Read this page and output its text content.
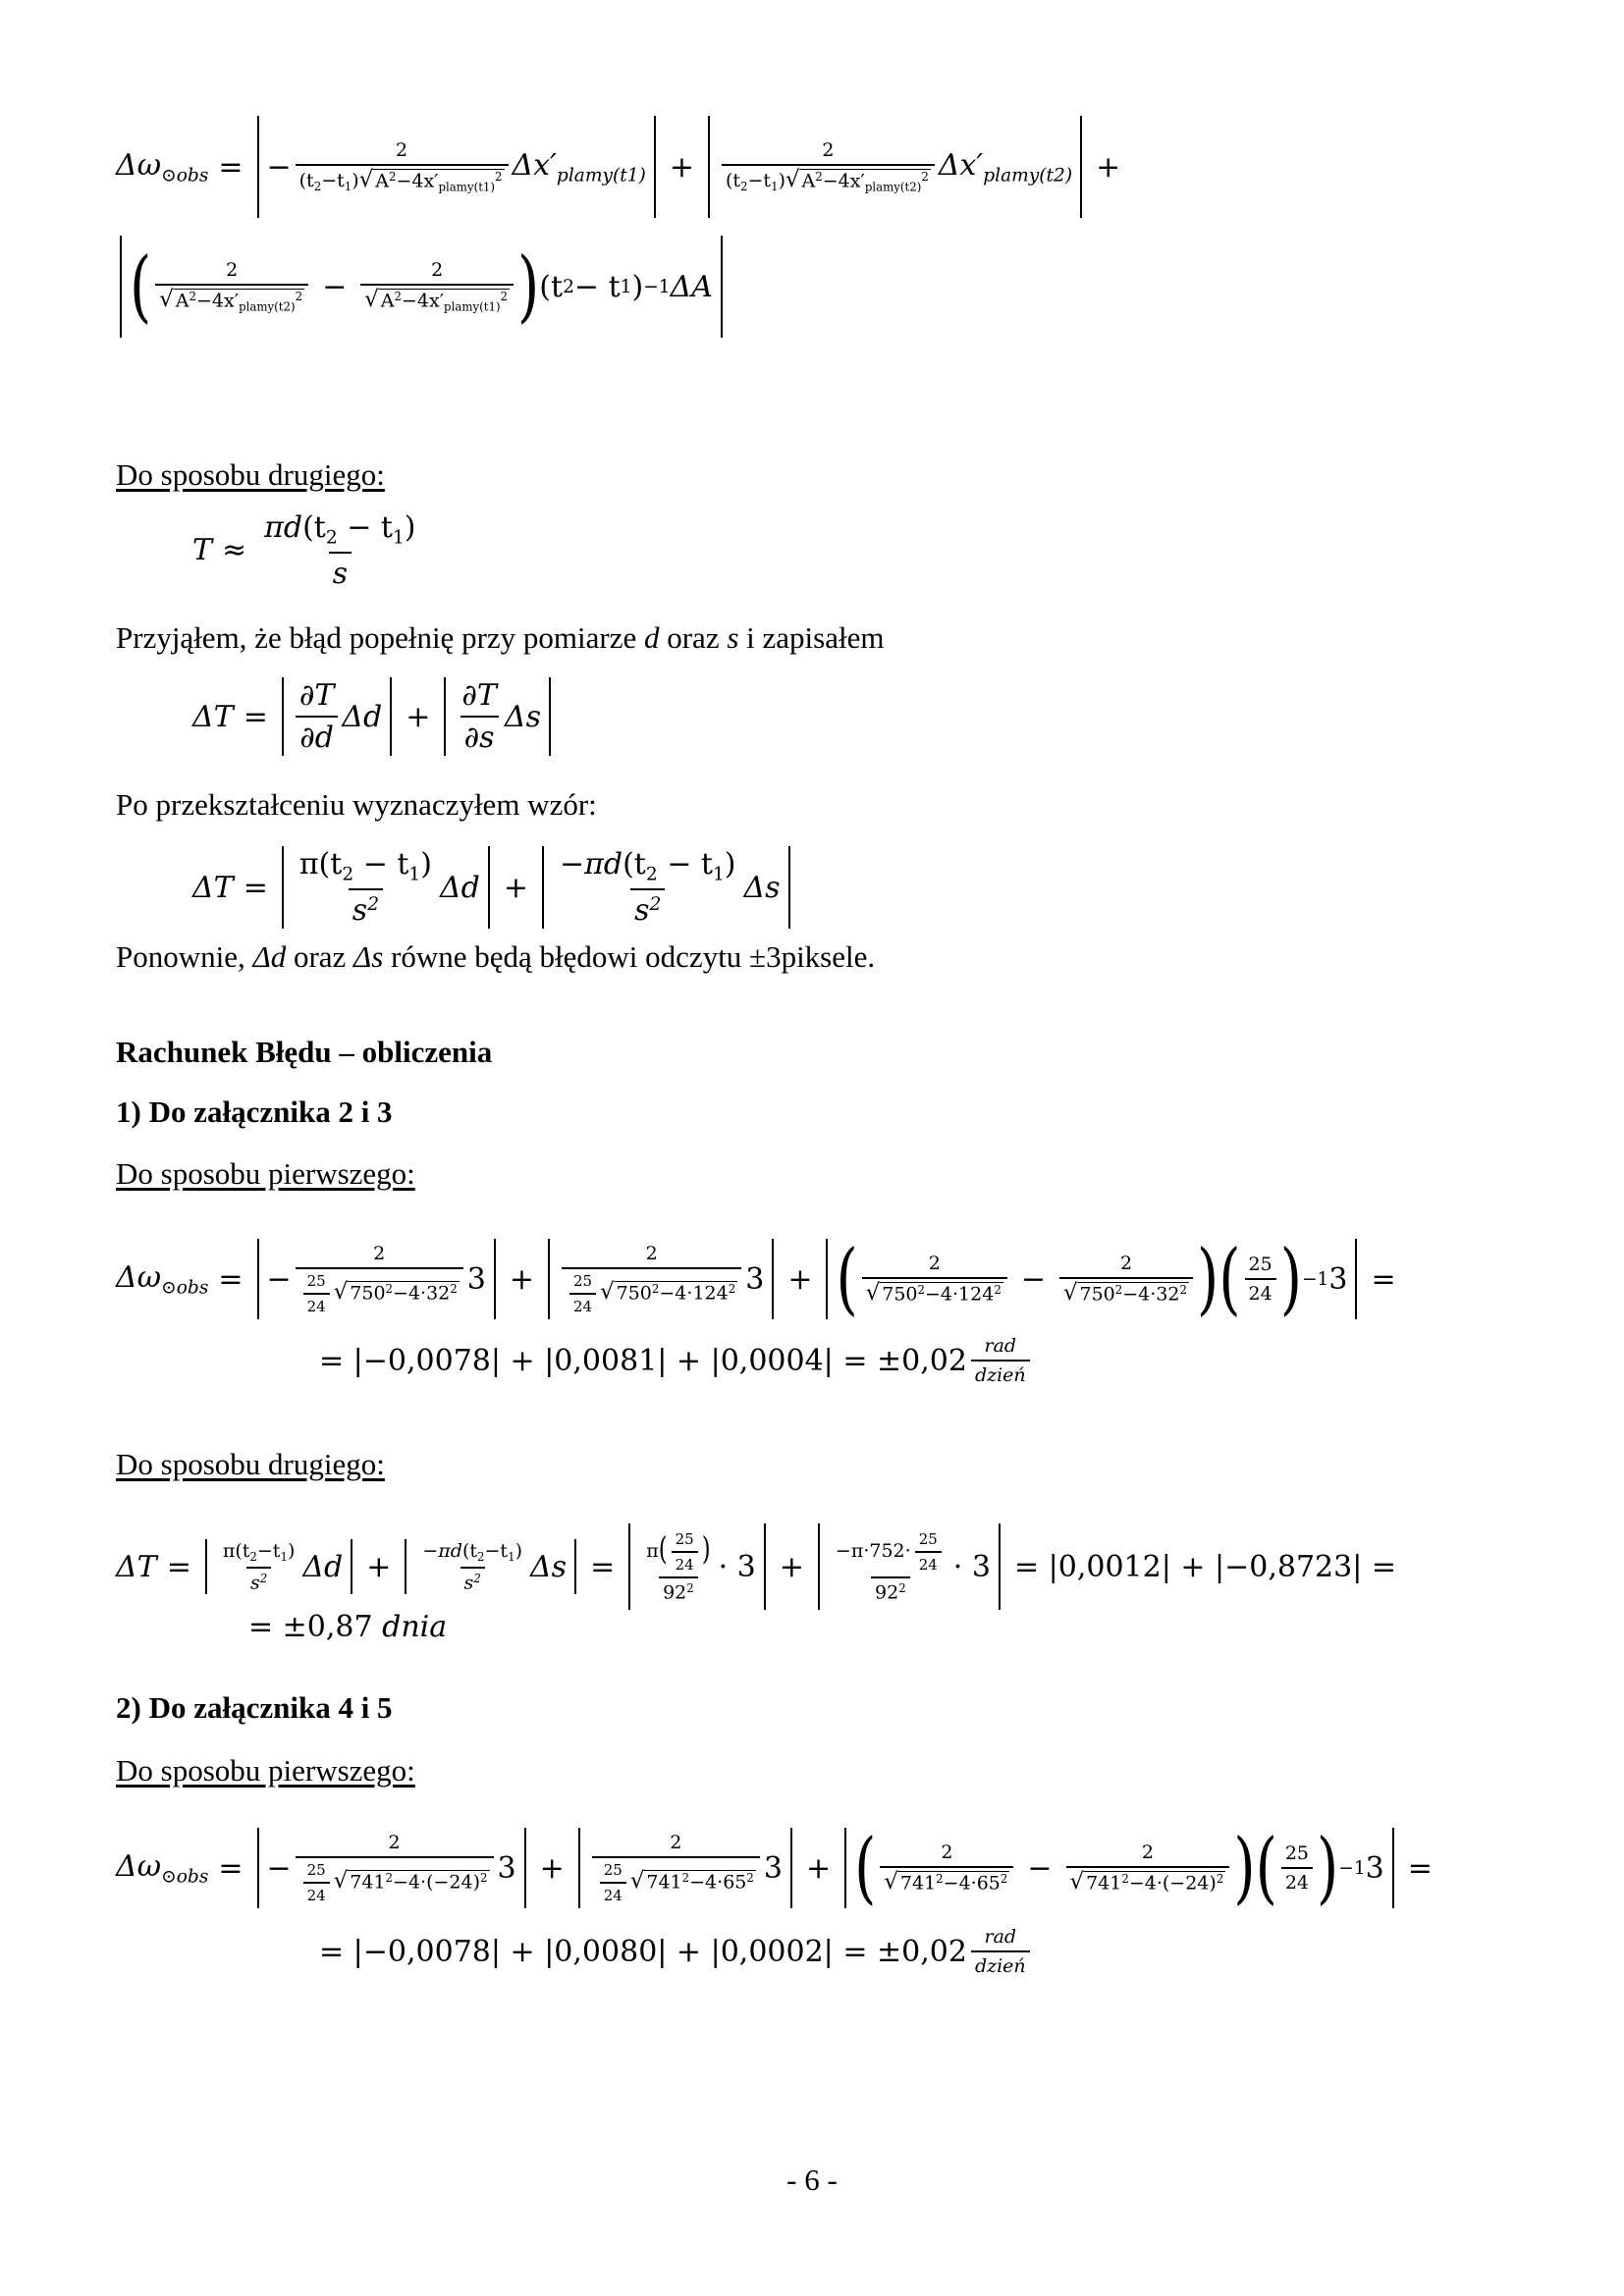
$\Delta\omega_{⊙obs}$ = − $\frac{2}{(t_2-t_1) √ A^2-4x'_{plamy(t1)}^2} \Delta x'_{plamy(t1)} + \frac{2}{(t_2-t_1) √ A^2-4x'_{plamy(t2)}^2} \Delta x'_{plamy(t2)}$ +
( $\frac{2}{√ A^2-4x'_{plamy(t2)}^2} - \frac{2}{√ A^2-4x'_{plamy(t1)}^2}$ ) (t 2 − t 1 ) −1 ΔA
Do sposobu drugiego:
$T \approx \frac{\pi d(t_2 - t_1)}{s}$
Przyjąłem, że błąd popełnię przy pomiarze d oraz s i zapisałem
$\Delta T = \frac{\partial T}{\partial d}$ $\Delta d + \frac{\partial T}{\partial s}$ Δs
Po przekształceniu wyznaczyłem wzór:
$\Delta T = \frac{\pi(t_2 - t_1)}{s^2}$ $\Delta d + \frac{-\pi d(t_2 - t_1)}{s^2}$ Δs
Ponownie, Δd oraz Δs równe będą błędowi odczytu ±3piksele.
Rachunek Błędu – obliczenia
1) Do załącznika 2 i 3
Do sposobu pierwszego:
$\Delta\omega_{⊙obs}$ = − $\frac{2}{\frac{25}{24} √ 750^2-4\cdot 32^2} 3 + \frac{2}{\frac{25}{24} √ 750^2-4\cdot 124^2} 3$ + ( $\frac{2}{√ 750^2-4\cdot 124^2} - \frac{2}{√ 750^2-4\cdot 32^2}$ ) ( $\frac{25}{24}$ ) −1 3 =
= $|-0,0078| + |0,0081| + |0,0004| = \pm 0,02 \frac{\text{rad}}{\text{dzień}}$
Do sposobu drugiego:
$\Delta T = \frac{\pi(t_2-t_1)}{s^2}$ $\Delta d + \frac{-\pi d(t_2-t_1)}{s^2}$ $\Delta s = \frac{\pi( \frac{25}{24} )}{92^2} \cdot 3 + \frac{-\pi\cdot 752\cdot \frac{25}{24}}{92^2} \cdot 3 = |0,0012| + |-0,8723|$ =
= ±0,87 dnia
2) Do załącznika 4 i 5
Do sposobu pierwszego:
$\Delta\omega_{⊙obs}$ = − $\frac{2}{\frac{25}{24} √ 741^2-4\cdot(-24)^2} 3 + \frac{2}{\frac{25}{24} √ 741^2-4\cdot 65^2} 3$ + ( $\frac{2}{√ 741^2-4\cdot 65^2} - \frac{2}{√ 741^2-4\cdot(-24)^2}$ ) ( $\frac{25}{24}$ ) −1 3 =
= $|-0,0078| + |0,0080| + |0,0002| = \pm 0,02 \frac{\text{rad}}{\text{dzień}}$
- 6 -
